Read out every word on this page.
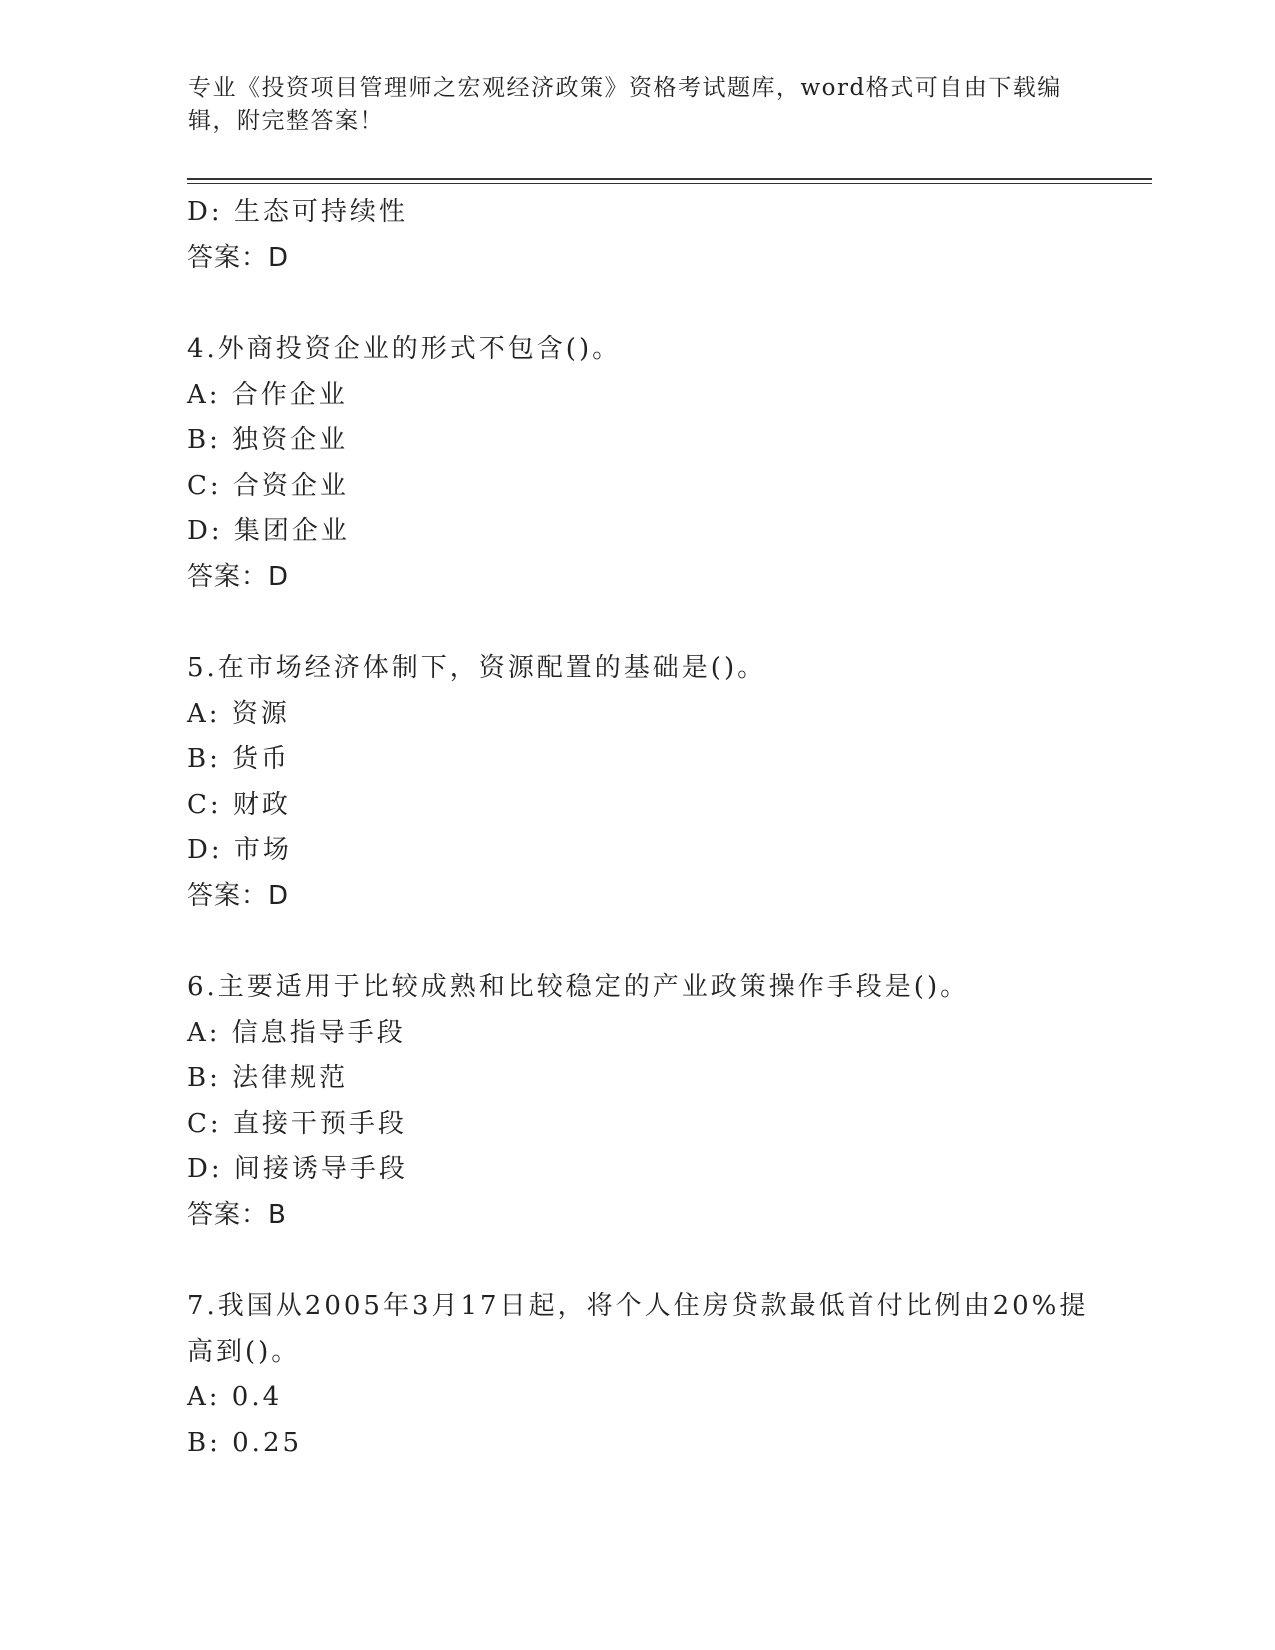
专业《投资项目管理师之宏观经济政策》资格考试题库，word格式可自由下载编
辑，附完整答案！
D: 生态可持续性
答案：D
4.外商投资企业的形式不包含()。
A: 合作企业
B: 独资企业
C: 合资企业
D: 集团企业
答案：D
5.在市场经济体制下，资源配置的基础是()。
A: 资源
B: 货币
C: 财政
D: 市场
答案：D
6.主要适用于比较成熟和比较稳定的产业政策操作手段是()。
A: 信息指导手段
B: 法律规范
C: 直接干预手段
D: 间接诱导手段
答案：B
7.我国从2005年3月17日起，将个人住房贷款最低首付比例由20%提
高到()。
A: 0.4
B: 0.25
